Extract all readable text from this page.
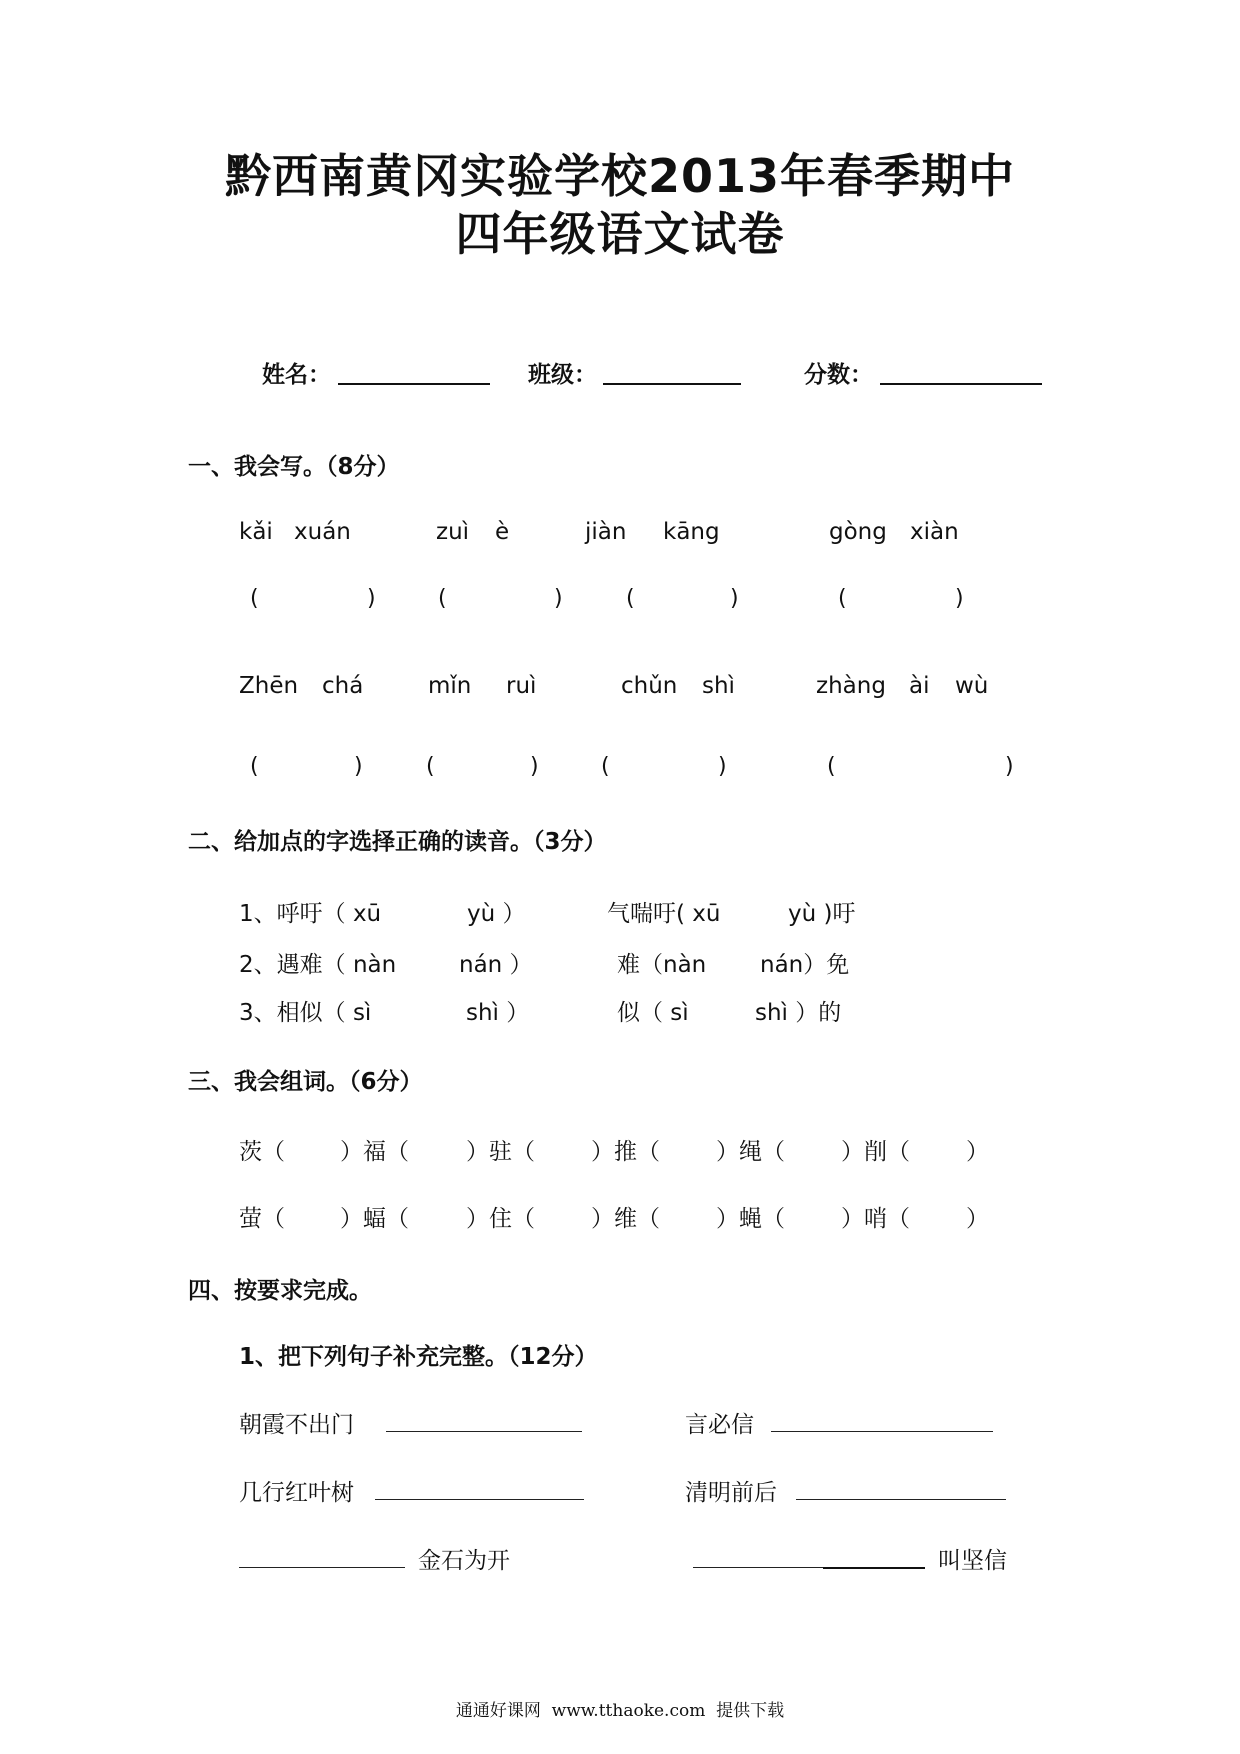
黔西南黄冈实验学校2013年春季期中
四年级语文试卷
姓名：	班级：	分数：
一、我会写。（8分）
kǎi xuán	zuì è	jiàn kāng	gòng xiàn
(	)	(	)	(	)	(	)
Zhēn chá	mǐn ruì	chǔn shì	zhàng ài wù
(	)	(	)	(	)	(	)
二、给加点的字选择正确的读音。（3分）
1、呼吁（ xū	yù ）	气喘吁( xū	yù )吁
2、遇难（ nàn	nán ）	难（nàn nán）免
3、相似（ sì	shì ）	似（ sì	shì ）的
三、我会组词。（6分）
茨（ ）福（ ）驻（ ）推（ ）绳（ ）削（ ）
萤（ ）蝠（ ）住（ ）维（ ）蝇（ ）哨（ ）
四、按要求完成。
1、把下列句子补充完整。（12分）
朝霞不出门	言必信
几行红叶树	清明前后
金石为开	叫坚信
通通好课网  www.tthaoke.com  提供下载
